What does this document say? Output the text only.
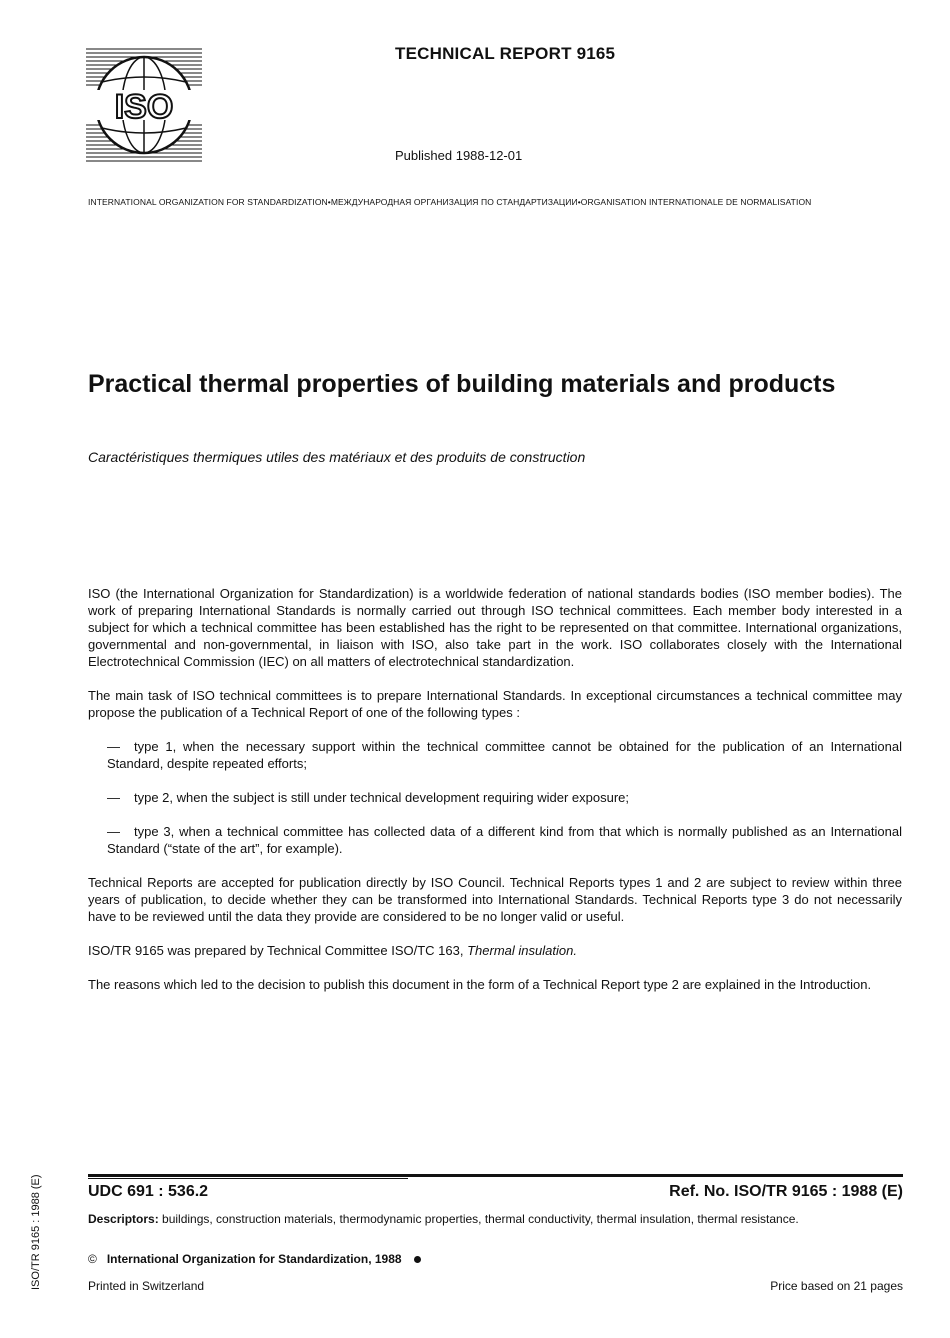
ISO
TECHNICAL REPORT 9165
Published 1988-12-01
INTERNATIONAL ORGANIZATION FOR STANDARDIZATION•МЕЖДУНАРОДНАЯ ОРГАНИЗАЦИЯ ПО СТАНДАРТИЗАЦИИ•ORGANISATION INTERNATIONALE DE NORMALISATION
Practical thermal properties of building materials and products
Caractéristiques thermiques utiles des matériaux et des produits de construction

ISO (the International Organization for Standardization) is a worldwide federation of national standards bodies (ISO member bodies). The work of preparing International Standards is normally carried out through ISO technical committees. Each member body interested in a subject for which a technical committee has been established has the right to be represented on that committee. International organizations, governmental and non-governmental, in liaison with ISO, also take part in the work. ISO collaborates closely with the International Electrotechnical Commission (IEC) on all matters of electrotechnical standardization.

The main task of ISO technical committees is to prepare International Standards. In exceptional circumstances a technical committee may propose the publication of a Technical Report of one of the following types :

— type 1, when the necessary support within the technical committee cannot be obtained for the publication of an International Standard, despite repeated efforts;

— type 2, when the subject is still under technical development requiring wider exposure;

— type 3, when a technical committee has collected data of a different kind from that which is normally published as an International Standard (“state of the art”, for example).

Technical Reports are accepted for publication directly by ISO Council. Technical Reports types 1 and 2 are subject to review within three years of publication, to decide whether they can be transformed into International Standards. Technical Reports type 3 do not necessarily have to be reviewed until the data they provide are considered to be no longer valid or useful.

ISO/TR 9165 was prepared by Technical Committee ISO/TC 163, Thermal insulation.

The reasons which led to the decision to publish this document in the form of a Technical Report type 2 are explained in the Introduction.

ISO/TR 9165 : 1988 (E)	UDC 691 : 536.2	Ref. No. ISO/TR 9165 : 1988 (E)
Descriptors: buildings, construction materials, thermodynamic properties, thermal conductivity, thermal insulation, thermal resistance.
© International Organization for Standardization, 1988
Printed in Switzerland	Price based on 21 pages
